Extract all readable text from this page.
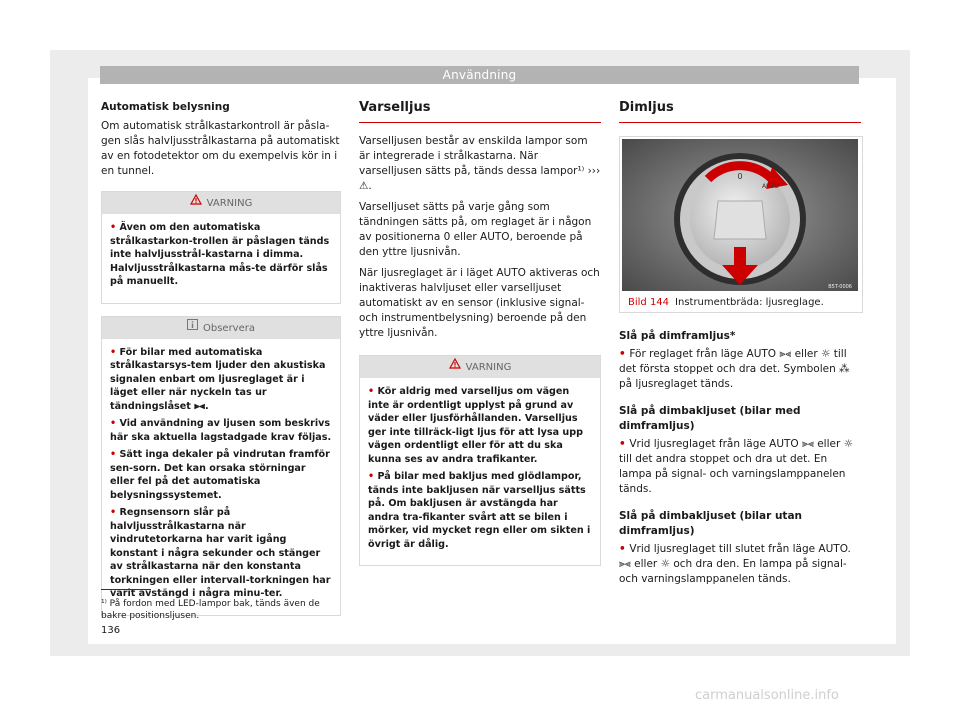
Användning

Automatisk belysning

Om automatisk strålkastarkontroll är påsla-gen slås halvljusstrålkastarna på automatiskt av en fotodetektor om du exempelvis kör in i en tunnel.

VARNING
• Även om den automatiska strålkastarkon-trollen är påslagen tänds inte halvljusstrål-kastarna i dimma. Halvljusstrålkastarna mås-te därför slås på manuellt.
Observera
• För bilar med automatiska strålkastarsys-tem ljuder den akustiska signalen enbart om ljusreglaget är i läget eller när nyckeln tas ur tändningslåset ⫸⫷.
• Vid användning av ljusen som beskrivs här ska aktuella lagstadgade krav följas.
• Sätt inga dekaler på vindrutan framför sen-sorn. Det kan orsaka störningar eller fel på det automatiska belysningssystemet.
• Regnsensorn slår på halvljusstrålkastarna när vindrutetorkarna har varit igång konstant i några sekunder och stänger av strålkastarna när den konstanta torkningen eller intervall-torkningen har varit avstängd i några minu-ter.

Varselljus

Varselljusen består av enskilda lampor som är integrerade i strålkastarna. När varselljusen sätts på, tänds dessa lampor¹⁾ ››› ⚠.

Varselljuset sätts på varje gång som tändningen sätts på, om reglaget är i någon av positionerna 0 eller AUTO, beroende på den yttre ljusnivån.

När ljusreglaget är i läget AUTO aktiveras och inaktiveras halvljuset eller varselljuset automatiskt av en sensor (inklusive signal- och instrumentbelysning) beroende på den yttre ljusnivån.

VARNING
• Kör aldrig med varselljus om vägen inte är ordentligt upplyst på grund av väder eller ljusförhållanden. Varselljus ger inte tillräck-ligt ljus för att lysa upp vägen ordentligt eller för att du ska kunna ses av andra trafikanter.
• På bilar med bakljus med glödlampor, tänds inte bakljusen när varselljus sätts på. Om bakljusen är avstängda har andra tra-fikanter svårt att se bilen i mörker, vid mycket regn eller om sikten i övrigt är dålig.

Dimljus

0
AUTO
B5T-0006
Bild 144 Instrumentbräda: ljusreglage.

Slå på dimframljus*

• För reglaget från läge AUTO ⫸⫷ eller ☼ till det första stoppet och dra det. Symbolen ⁂ på ljusreglaget tänds.

Slå på dimbakljuset (bilar med dimframljus)

• Vrid ljusreglaget från läge AUTO ⫸⫷ eller ☼ till det andra stoppet och dra ut det. En lampa på signal- och varningslamppanelen tänds.

Slå på dimbakljuset (bilar utan dimframljus)

• Vrid ljusreglaget till slutet från läge AUTO. ⫸⫷ eller ☼ och dra den. En lampa på signal- och varningslamppanelen tänds.

¹⁾ På fordon med LED-lampor bak, tänds även de bakre positionsljusen.
136
carmanualsonline.info
